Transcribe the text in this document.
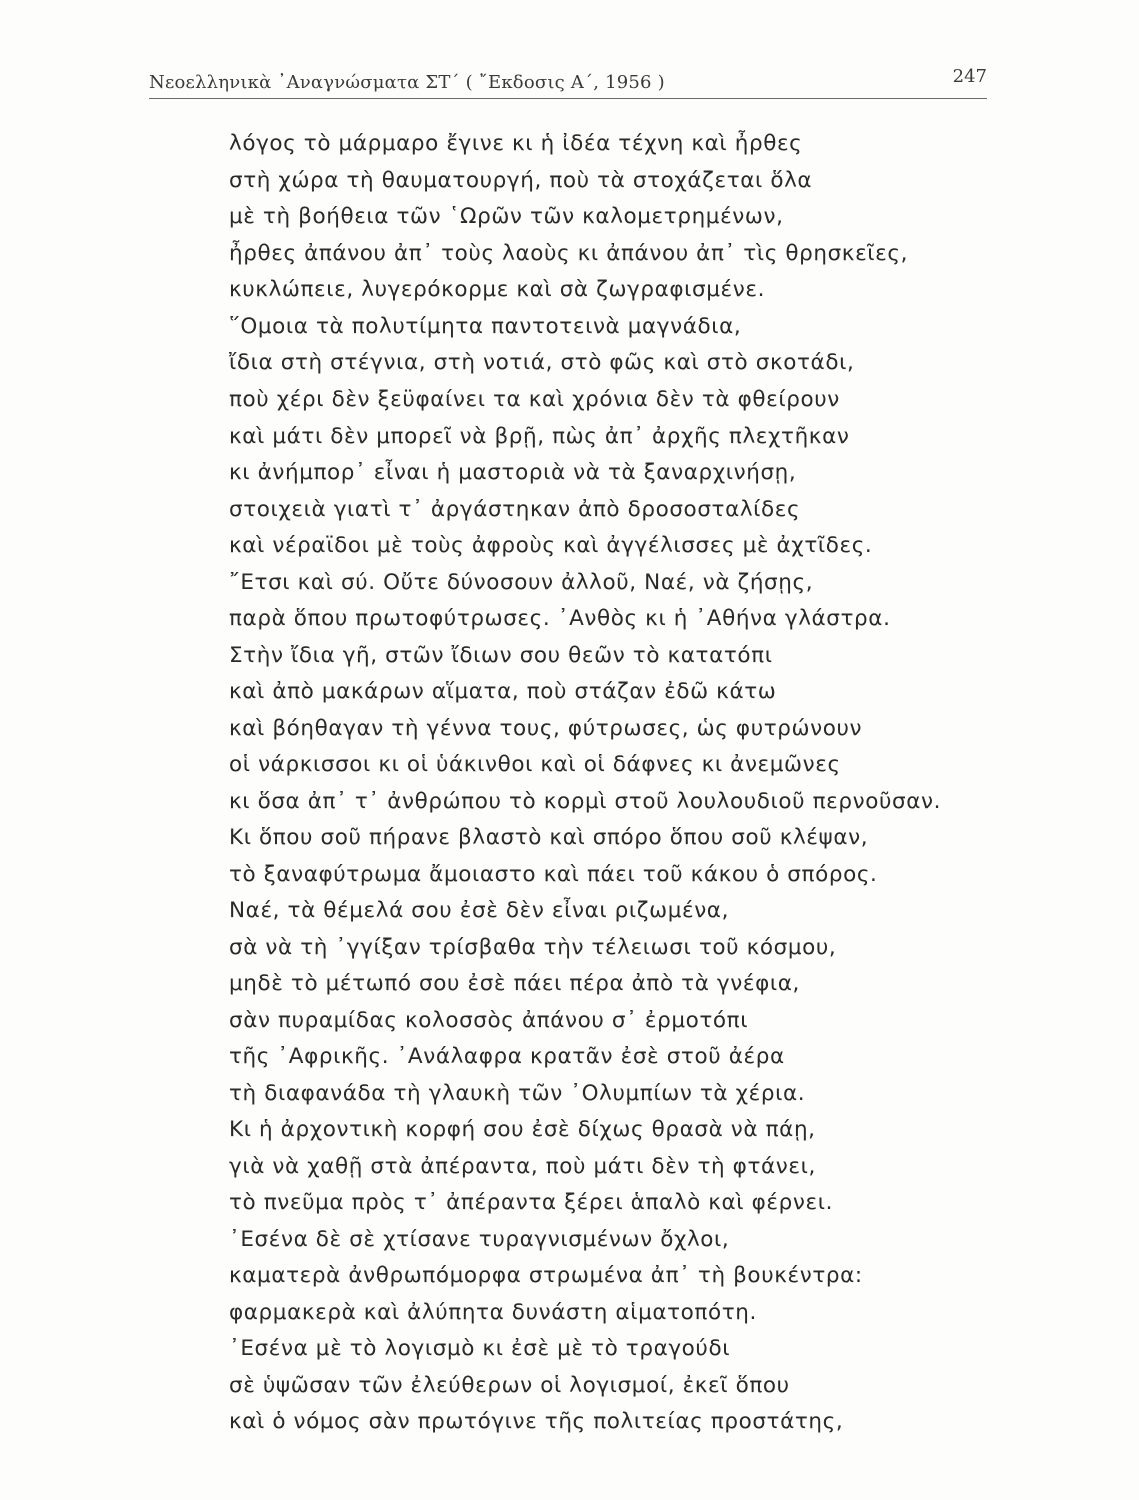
Νεοελληνικὰ ᾿Αναγνώσματα ΣΤ΄ ( ῎Εκδοσις Α΄, 1956 )	247
λόγος τὸ μάρμαρο ἔγινε κι ἡ ἰδέα τέχνη καὶ ἦρθες
στὴ χώρα τὴ θαυματουργή, ποὺ τὰ στοχάζεται ὅλα
μὲ τὴ βοήθεια τῶν ῾Ωρῶν τῶν καλομετρημένων,
ἦρθες ἀπάνου ἀπ᾿ τοὺς λαοὺς κι ἀπάνου ἀπ᾿ τὶς θρησκεῖες,
κυκλώπειε, λυγερόκορμε καὶ σὰ ζωγραφισμένε.
῞Ομοια τὰ πολυτίμητα παντοτεινὰ μαγνάδια,
ἴδια στὴ στέγνια, στὴ νοτιά, στὸ φῶς καὶ στὸ σκοτάδι,
ποὺ χέρι δὲν ξεϋφαίνει τα καὶ χρόνια δὲν τὰ φθείρουν
καὶ μάτι δὲν μπορεῖ νὰ βρῇ, πὼς ἀπ᾿ ἀρχῆς πλεχτῆκαν
κι ἀνήμπορ᾿ εἶναι ἡ μαστοριὰ νὰ τὰ ξαναρχινήσῃ,
στοιχειὰ γιατὶ τ᾿ ἀργάστηκαν ἀπὸ δροσοσταλίδες
καὶ νέραϊδοι μὲ τοὺς ἀφροὺς καὶ ἀγγέλισσες μὲ ἀχτῖδες.
῎Ετσι καὶ σύ. Οὔτε δύνοσουν ἀλλοῦ, Ναέ, νὰ ζήσῃς,
παρὰ ὅπου πρωτοφύτρωσες. ᾿Ανθὸς κι ἡ ᾿Αθήνα γλάστρα.
Στὴν ἴδια γῆ, στῶν ἴδιων σου θεῶν τὸ κατατόπι
καὶ ἀπὸ μακάρων αἵματα, ποὺ στάζαν ἐδῶ κάτω
καὶ βόηθαγαν τὴ γέννα τους, φύτρωσες, ὡς φυτρώνουν
οἱ νάρκισσοι κι οἱ ὑάκινθοι καὶ οἱ δάφνες κι ἀνεμῶνες
κι ὅσα ἀπ᾿ τ᾿ ἀνθρώπου τὸ κορμὶ στοῦ λουλουδιοῦ περνοῦσαν.
Κι ὅπου σοῦ πήρανε βλαστὸ καὶ σπόρο ὅπου σοῦ κλέψαν,
τὸ ξαναφύτρωμα ἄμοιαστο καὶ πάει τοῦ κάκου ὁ σπόρος.
Ναέ, τὰ θέμελά σου ἐσὲ δὲν εἶναι ριζωμένα,
σὰ νὰ τὴ ᾿γγίξαν τρίσβαθα τὴν τέλειωσι τοῦ κόσμου,
μηδὲ τὸ μέτωπό σου ἐσὲ πάει πέρα ἀπὸ τὰ γνέφια,
σὰν πυραμίδας κολοσσὸς ἀπάνου σ᾿ ἐρμοτόπι
τῆς ᾿Αφρικῆς. ᾿Ανάλαφρα κρατᾶν ἐσὲ στοῦ ἀέρα
τὴ διαφανάδα τὴ γλαυκὴ τῶν ᾿Ολυμπίων τὰ χέρια.
Κι ἡ ἀρχοντικὴ κορφή σου ἐσὲ δίχως θρασὰ νὰ πάῃ,
γιὰ νὰ χαθῇ στὰ ἀπέραντα, ποὺ μάτι δὲν τὴ φτάνει,
τὸ πνεῦμα πρὸς τ᾿ ἀπέραντα ξέρει ἁπαλὸ καὶ φέρνει.
᾿Εσένα δὲ σὲ χτίσανε τυραγνισμένων ὄχλοι,
καματερὰ ἀνθρωπόμορφα στρωμένα ἀπ᾿ τὴ βουκέντρα:
φαρμακερὰ καὶ ἀλύπητα δυνάστη αἱματοπότη.
᾿Εσένα μὲ τὸ λογισμὸ κι ἐσὲ μὲ τὸ τραγούδι
σὲ ὑψῶσαν τῶν ἐλεύθερων οἱ λογισμοί, ἐκεῖ ὅπου
καὶ ὁ νόμος σὰν πρωτόγινε τῆς πολιτείας προστάτης,
